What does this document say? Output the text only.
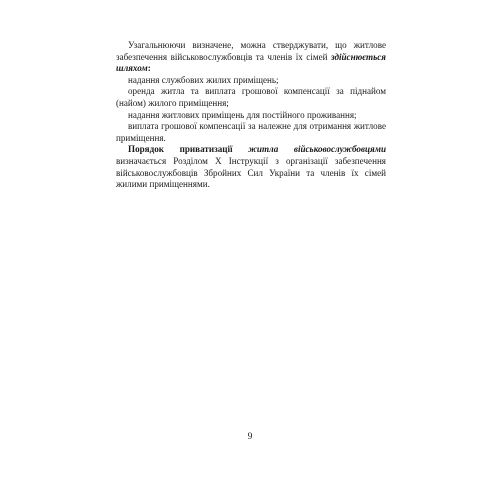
Узагальнюючи визначене, можна стверджувати, що житлове забезпечення військовослужбовців та членів їх сімей здійснюється шляхом:

надання службових жилих приміщень;

оренда житла та виплата грошової компенсації за піднайом (найом) жилого приміщення;

надання житлових приміщень для постійного проживання;

виплата грошової компенсації за належне для отримання житлове приміщення.

Порядок приватизації житла військовослужбовцями визначається Розділом X Інструкції з організації забезпечення військовослужбовців Збройних Сил України та членів їх сімей жилими приміщеннями.

9
